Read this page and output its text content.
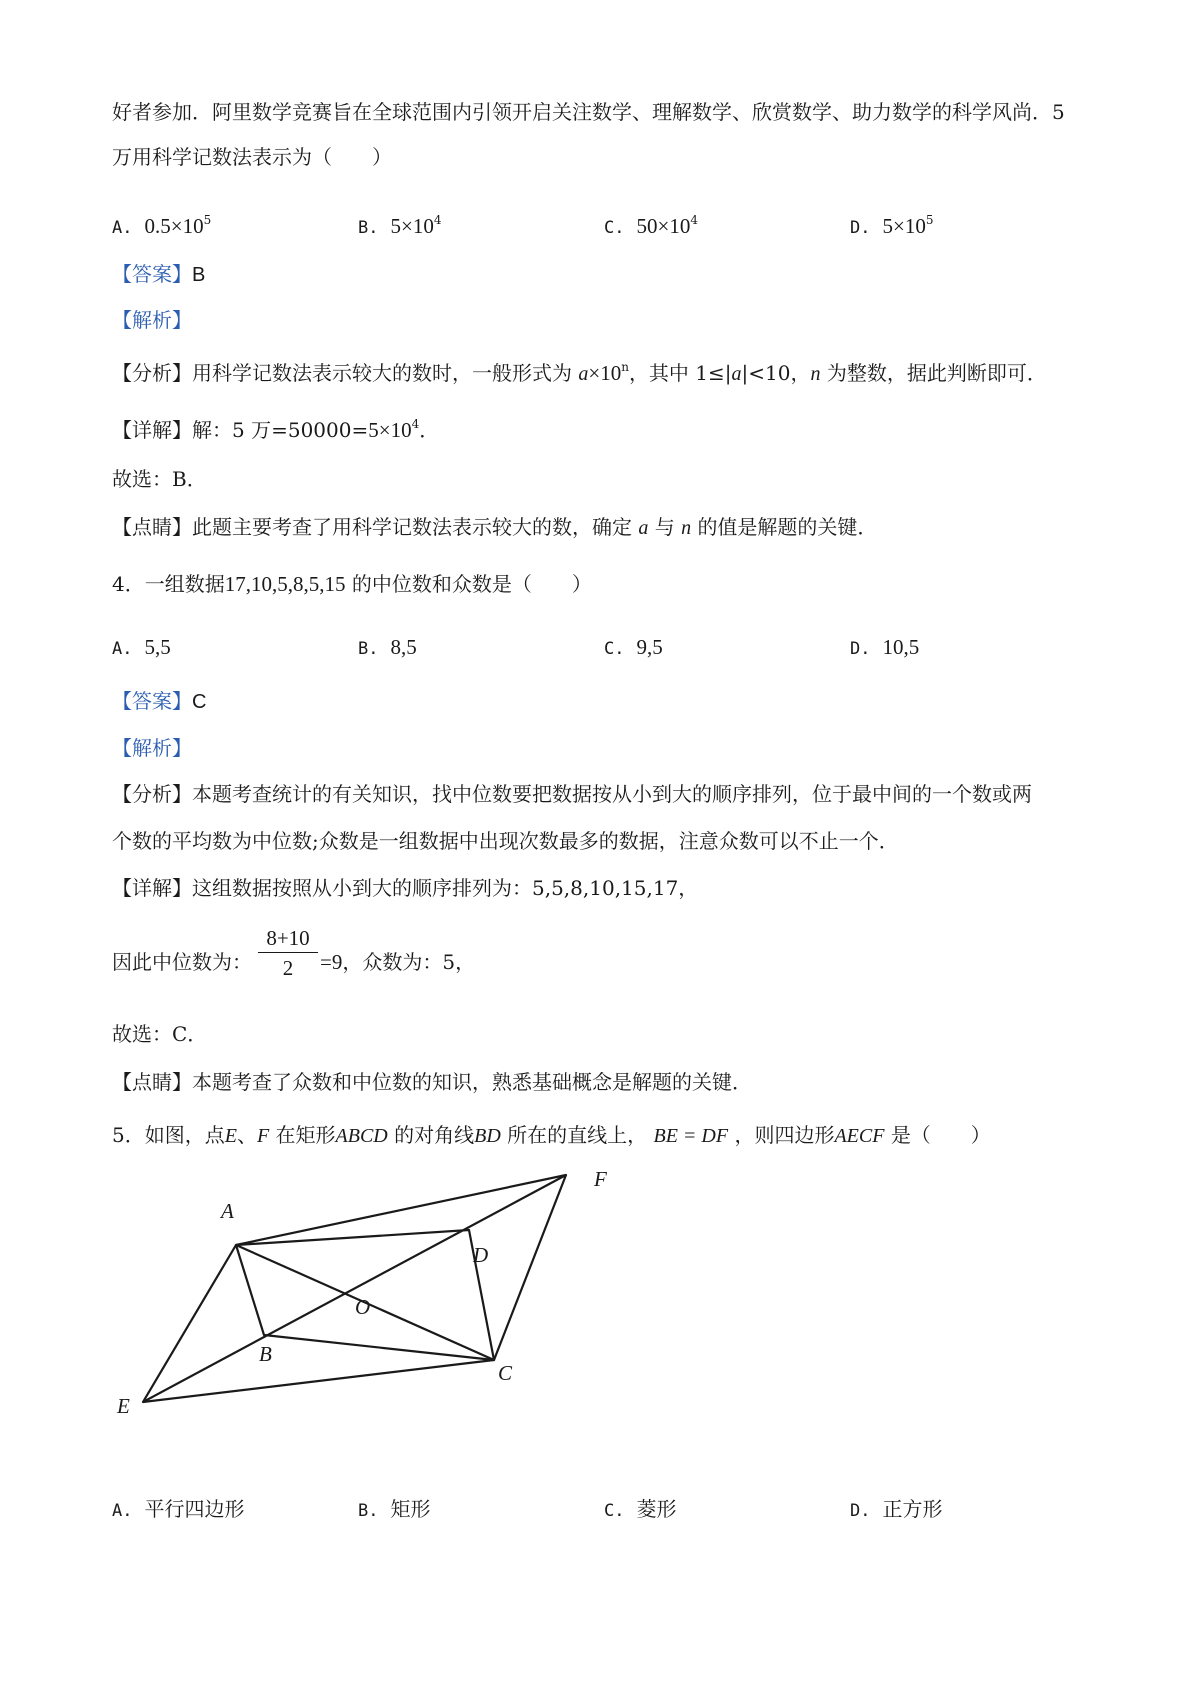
好者参加．阿里数学竞赛旨在全球范围内引领开启关注数学、理解数学、欣赏数学、助力数学的科学风尚．5
万用科学记数法表示为（　　）
A. $0.5\times 10^5$	B. $5\times 10^4$	C. $50\times 10^4$	D. $5\times 10^5$
【答案】B
【解析】
【分析】用科学记数法表示较大的数时，一般形式为 $a\times 10^n$，其中 1≤|a|<10，n 为整数，据此判断即可．
【详解】解：5 万$=50000=5\times 10^4$．
故选：B．
【点睛】此题主要考查了用科学记数法表示较大的数，确定 a 与 n 的值是解题的关键．
4．一组数据17,10,5,8,5,15 的中位数和众数是（　　）
A. 5,5	B. 8,5	C. 9,5	D. 10,5
【答案】C
【解析】
【分析】本题考查统计的有关知识，找中位数要把数据按从小到大的顺序排列，位于最中间的一个数或两
个数的平均数为中位数;众数是一组数据中出现次数最多的数据，注意众数可以不止一个．
【详解】这组数据按照从小到大的顺序排列为：5,5,8,10,15,17，
因此中位数为： $\frac{8+10}{2} =9$，众数为：5，
故选：C．
【点睛】本题考查了众数和中位数的知识，熟悉基础概念是解题的关键．
5．如图，点E、F 在矩形ABCD 的对角线BD 所在的直线上， BE = DF ，则四边形AECF 是（　　）
A
B
C
D
E
F
O
A. 平行四边形	B. 矩形	C. 菱形	D. 正方形
